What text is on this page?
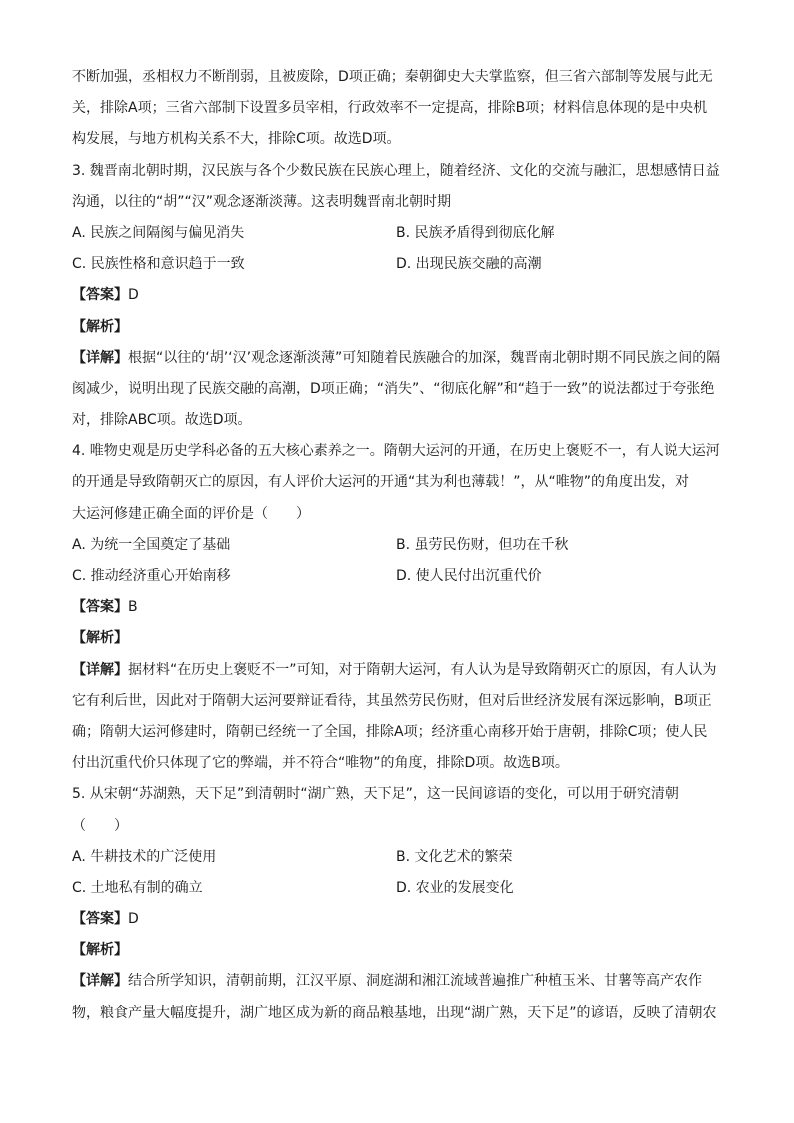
不断加强，丞相权力不断削弱，且被废除，D项正确；秦朝御史大夫掌监察，但三省六部制等发展与此无
关，排除A项；三省六部制下设置多员宰相，行政效率不一定提高，排除B项；材料信息体现的是中央机
构发展，与地方机构关系不大，排除C项。故选D项。
3. 魏晋南北朝时期，汉民族与各个少数民族在民族心理上，随着经济、文化的交流与融汇，思想感情日益
沟通，以往的“胡”“汉”观念逐渐淡薄。这表明魏晋南北朝时期
A. 民族之间隔阂与偏见消失	B. 民族矛盾得到彻底化解
C. 民族性格和意识趋于一致	D. 出现民族交融的高潮
【答案】D
【解析】
【详解】根据“以往的‘胡’‘汉’观念逐渐淡薄”可知随着民族融合的加深，魏晋南北朝时期不同民族之间的隔
阂减少，说明出现了民族交融的高潮，D项正确；“消失”、“彻底化解”和“趋于一致”的说法都过于夸张绝
对，排除ABC项。故选D项。
4. 唯物史观是历史学科必备的五大核心素养之一。隋朝大运河的开通，在历史上褒贬不一，有人说大运河
的开通是导致隋朝灭亡的原因，有人评价大运河的开通“其为利也薄载！”，从“唯物”的角度出发，对
大运河修建正确全面的评价是（　　）
A. 为统一全国奠定了基础	B. 虽劳民伤财，但功在千秋
C. 推动经济重心开始南移	D. 使人民付出沉重代价
【答案】B
【解析】
【详解】据材料“在历史上褒贬不一”可知，对于隋朝大运河，有人认为是导致隋朝灭亡的原因，有人认为
它有利后世，因此对于隋朝大运河要辩证看待，其虽然劳民伤财，但对后世经济发展有深远影响，B项正
确；隋朝大运河修建时，隋朝已经统一了全国，排除A项；经济重心南移开始于唐朝，排除C项；使人民
付出沉重代价只体现了它的弊端，并不符合“唯物”的角度，排除D项。故选B项。
5. 从宋朝“苏湖熟，天下足”到清朝时“湖广熟，天下足”，这一民间谚语的变化，可以用于研究清朝
（　　）
A. 牛耕技术的广泛使用	B. 文化艺术的繁荣
C. 土地私有制的确立	D. 农业的发展变化
【答案】D
【解析】
【详解】结合所学知识，清朝前期，江汉平原、洞庭湖和湘江流域普遍推广种植玉米、甘薯等高产农作
物，粮食产量大幅度提升，湖广地区成为新的商品粮基地，出现“湖广熟，天下足”的谚语，反映了清朝农
